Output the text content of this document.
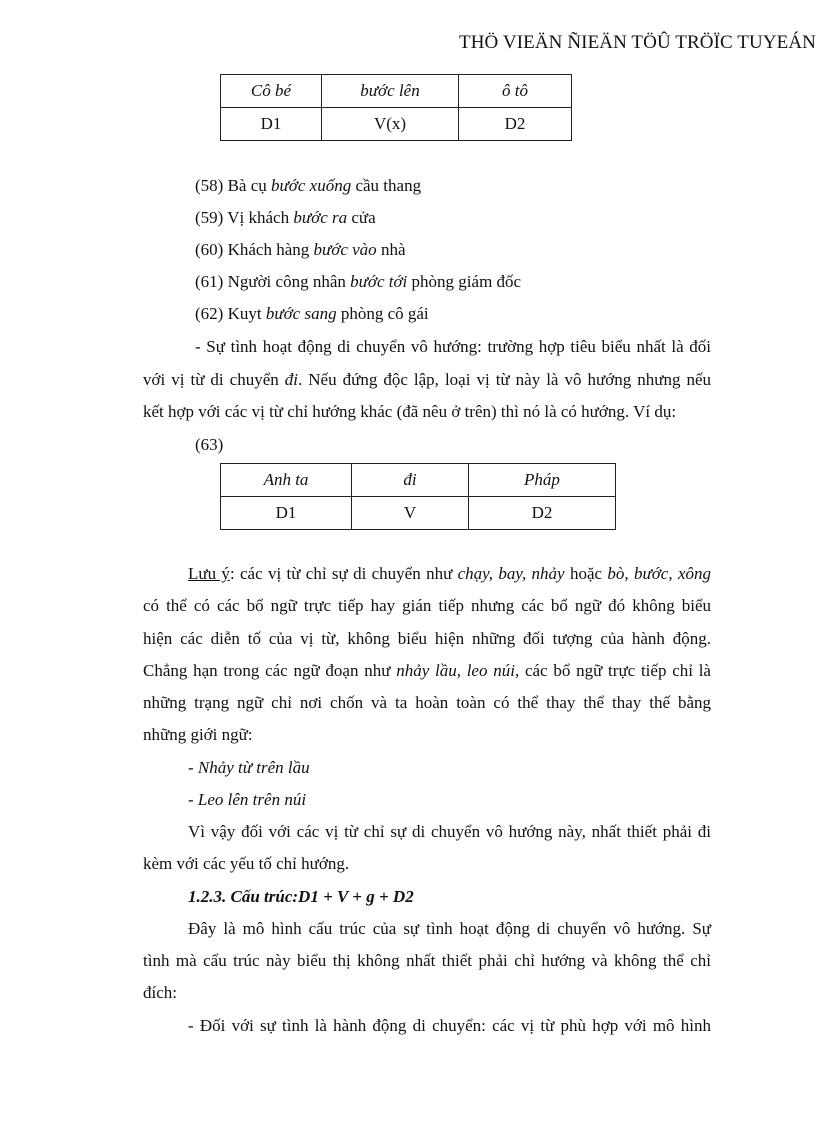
THÖ VIEÄN ÑIEÄN TÖÛ TRÖÏC TUYEÁN
Cô bé	bước lên	ô tô
D1	V(x)	D2
(58) Bà cụ bước xuống cầu thang
(59) Vị khách bước ra cửa
(60) Khách hàng bước vào nhà
(61) Người công nhân bước tới phòng giám đốc
(62) Kuyt bước sang phòng cô gái
- Sự tình hoạt động di chuyển vô hướng: trường hợp tiêu biểu nhất là đối
với vị từ di chuyển đi. Nếu đứng độc lập, loại vị từ này là vô hướng nhưng nếu
kết hợp với các vị từ chỉ hướng khác (đã nêu ở trên) thì nó là có hướng. Ví dụ:
(63)
Anh ta	đi	Pháp
D1	V	D2
Lưu ý: các vị từ chỉ sự di chuyển như chạy, bay, nhảy hoặc bò, bước, xông
có thể có các bổ ngữ trực tiếp hay gián tiếp nhưng các bổ ngữ đó không biểu
hiện các diễn tố của vị từ, không biểu hiện những đối tượng của hành động.
Chẳng hạn trong các ngữ đoạn như nhảy lầu, leo núi, các bổ ngữ trực tiếp chỉ là
những trạng ngữ chỉ nơi chốn và ta hoàn toàn có thể thay thể thay thế bằng
những giới ngữ:
- Nhảy từ trên lầu
- Leo lên trên núi
Vì vậy đối với các vị từ chỉ sự di chuyển vô hướng này, nhất thiết phải đi
kèm với các yếu tố chỉ hướng.
1.2.3. Cấu trúc:D1 + V + g + D2
Đây là mô hình cấu trúc của sự tình hoạt động di chuyển vô hướng. Sự
tình mà cấu trúc này biểu thị không nhất thiết phải chỉ hướng và không thể chỉ
đích:
- Đối với sự tình là hành động di chuyển: các vị từ phù hợp với mô hình
